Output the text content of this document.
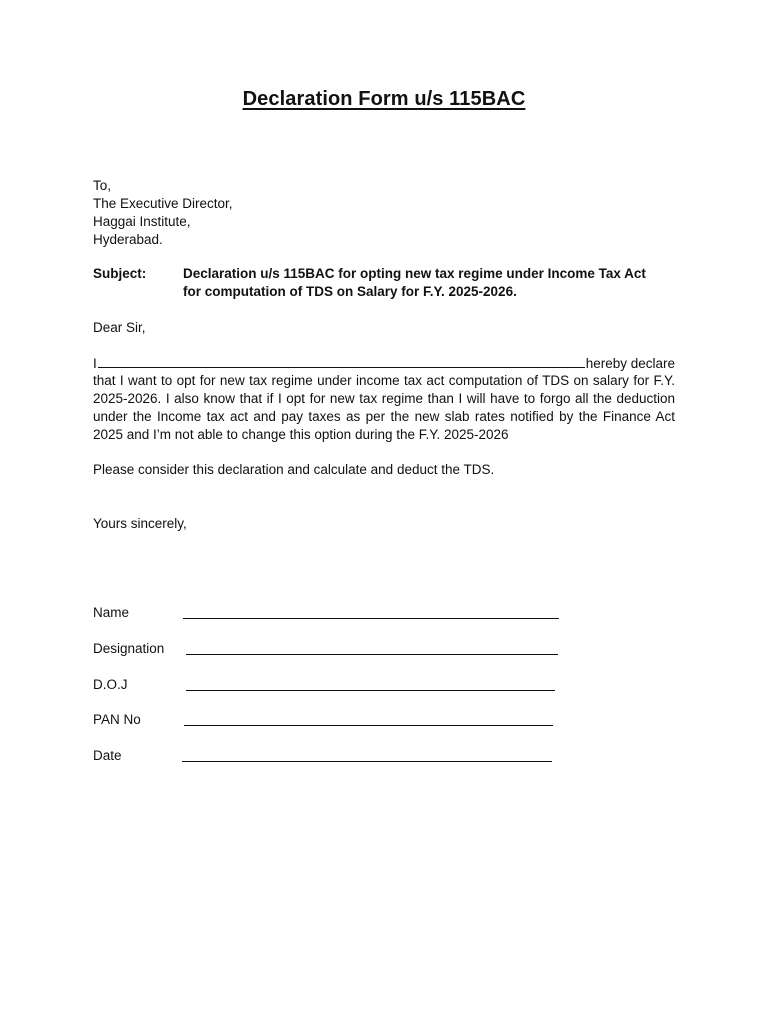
Declaration Form u/s 115BAC
To,
The Executive Director,
Haggai Institute,
Hyderabad.
Subject:	Declaration u/s 115BAC for opting new tax regime under Income Tax Act for computation of TDS on Salary for F.Y. 2025-2026.
Dear Sir,
I	hereby declare
that I want to opt for new tax regime under income tax act computation of TDS on salary for F.Y. 2025-2026. I also know that if I opt for new tax regime than I will have to forgo all the deduction under the Income tax act and pay taxes as per the new slab rates notified by the Finance Act 2025 and I’m not able to change this option during the F.Y. 2025-2026
Please consider this declaration and calculate and deduct the TDS.
Yours sincerely,
Name
Designation
D.O.J
PAN No
Date
